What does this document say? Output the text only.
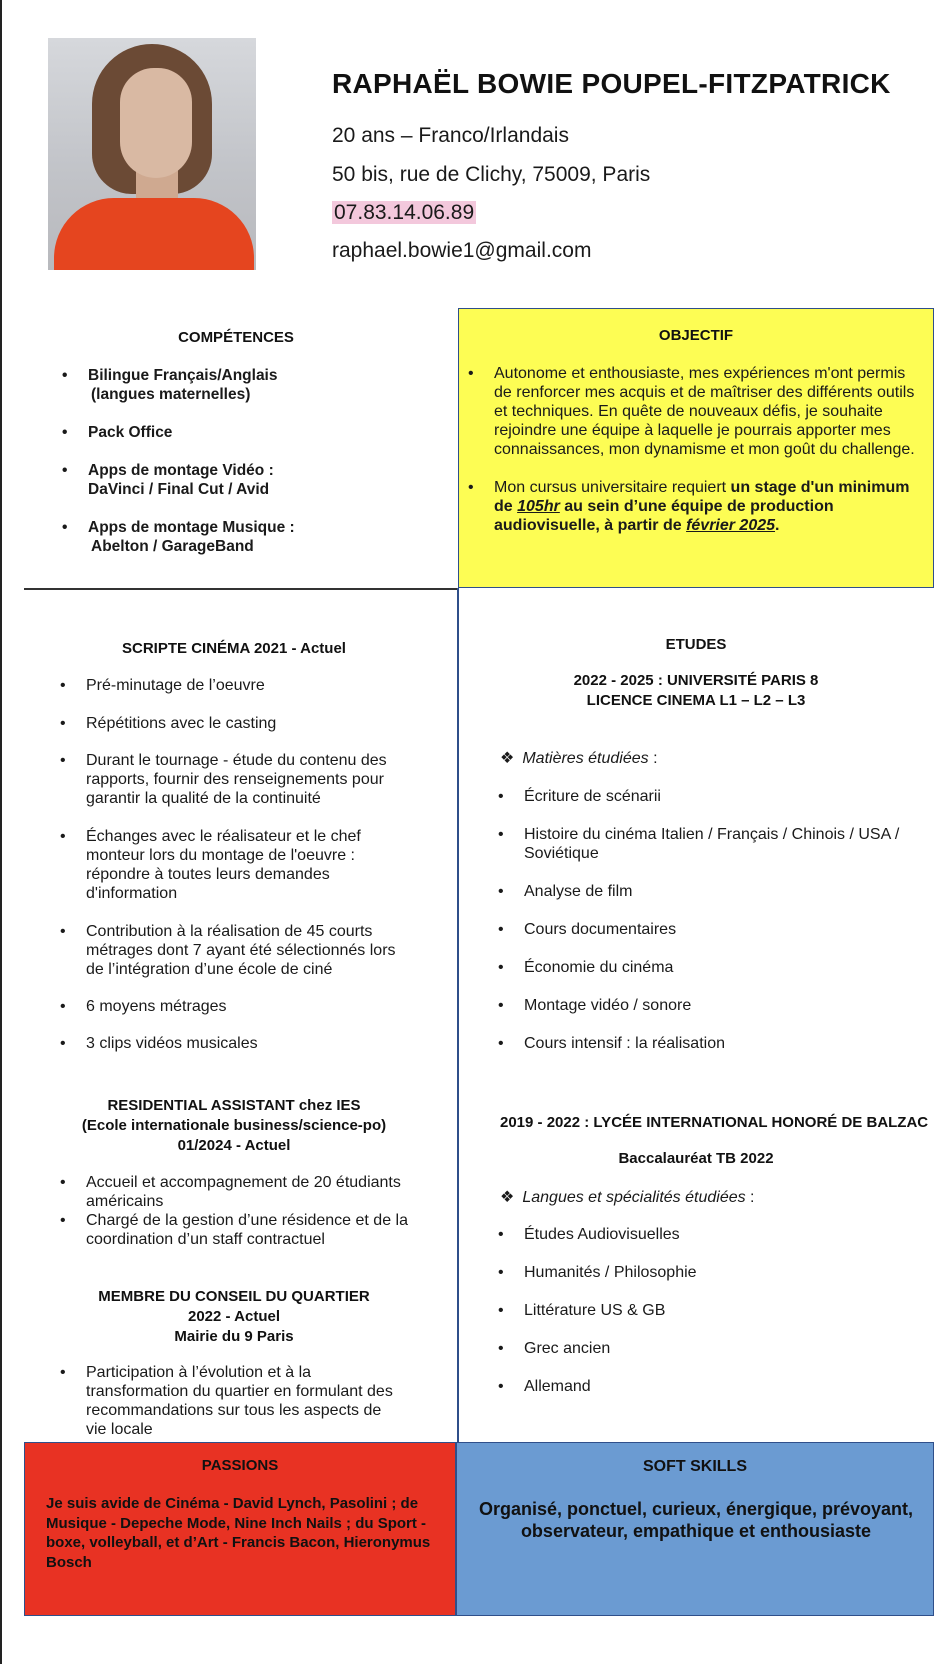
RAPHAËL BOWIE POUPEL-FITZPATRICK

20 ans – Franco/Irlandais

50 bis, rue de Clichy, 75009, Paris

07.83.14.06.89

raphael.bowie1@gmail.com

COMPÉTENCES

• Bilingue Français/Anglais
(langues maternelles)
• Pack Office
• Apps de montage Vidéo :
DaVinci / Final Cut / Avid
• Apps de montage Musique :
Abelton / GarageBand

OBJECTIF

• Autonome et enthousiaste, mes expériences m'ont permis de renforcer mes acquis et de maîtriser des différents outils et techniques. En quête de nouveaux défis, je souhaite rejoindre une équipe à laquelle je pourrais apporter mes connaissances, mon dynamisme et mon goût du challenge.
• Mon cursus universitaire requiert un stage d'un minimum de 105hr au sein d’une équipe de production audiovisuelle, à partir de février 2025.

SCRIPTE CINÉMA 2021 - Actuel

• Pré-minutage de l’oeuvre
• Répétitions avec le casting
• Durant le tournage - étude du contenu des rapports, fournir des renseignements pour garantir la qualité de la continuité
• Échanges avec le réalisateur et le chef monteur lors du montage de l'oeuvre : répondre à toutes leurs demandes d'information
• Contribution à la réalisation de 45 courts métrages dont 7 ayant été sélectionnés lors de l’intégration d’une école de ciné
• 6 moyens métrages
• 3 clips vidéos musicales

RESIDENTIAL ASSISTANT chez IES
(Ecole internationale business/science-po)
01/2024 - Actuel

• Accueil et accompagnement de 20 étudiants américains
• Chargé de la gestion d’une résidence et de la coordination d’un staff contractuel

MEMBRE DU CONSEIL DU QUARTIER
2022 - Actuel
Mairie du 9 Paris

• Participation à l’évolution et à la transformation du quartier en formulant des recommandations sur tous les aspects de vie locale

ETUDES

2022 - 2025 : UNIVERSITÉ PARIS 8
LICENCE CINEMA L1 – L2 – L3

❖ Matières étudiées :

• Écriture de scénarii
• Histoire du cinéma Italien / Français / Chinois / USA / Soviétique
• Analyse de film
• Cours documentaires
• Économie du cinéma
• Montage vidéo / sonore
• Cours intensif : la réalisation

2019 - 2022 : LYCÉE INTERNATIONAL HONORÉ DE BALZAC

Baccalauréat TB 2022

❖ Langues et spécialités étudiées :

• Études Audiovisuelles
• Humanités / Philosophie
• Littérature US & GB
• Grec ancien
• Allemand

PASSIONS

Je suis avide de Cinéma - David Lynch, Pasolini ; de Musique - Depeche Mode, Nine Inch Nails ; du Sport - boxe, volleyball, et d’Art - Francis Bacon, Hieronymus Bosch

SOFT SKILLS

Organisé, ponctuel, curieux, énergique, prévoyant, observateur, empathique et enthousiaste
